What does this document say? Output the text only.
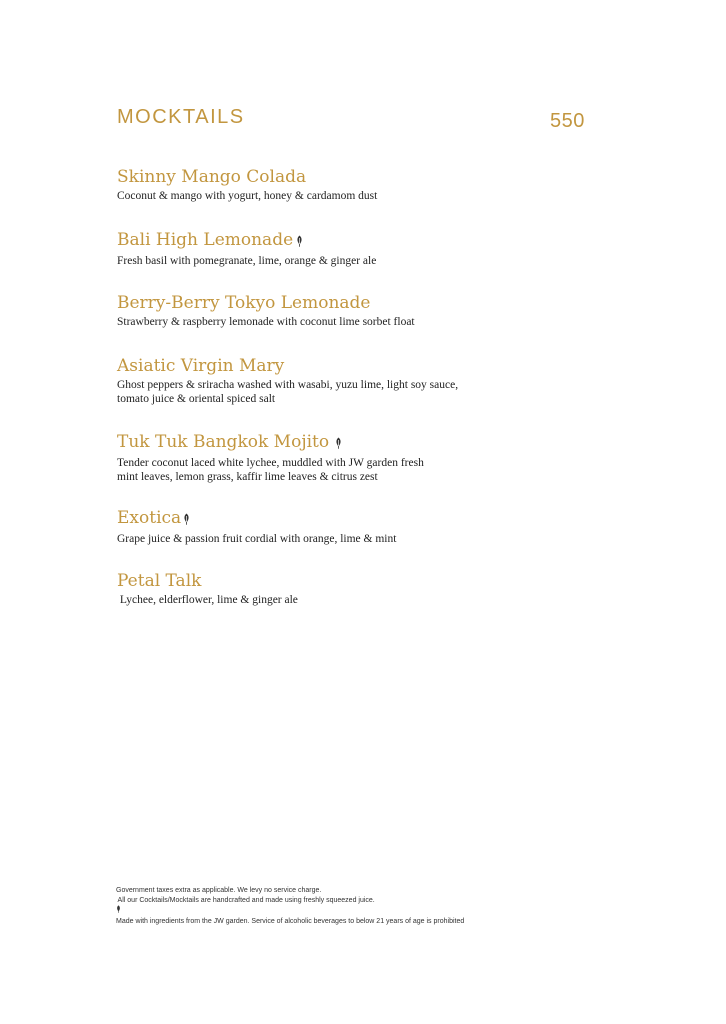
MOCKTAILS	550
Skinny Mango Colada
Coconut & mango with yogurt, honey & cardamom dust
Bali High Lemonade
Fresh basil with pomegranate, lime, orange & ginger ale
Berry-Berry Tokyo Lemonade
Strawberry & raspberry lemonade with coconut lime sorbet float
Asiatic Virgin Mary
Ghost peppers & sriracha washed with wasabi, yuzu lime, light soy sauce,
tomato juice & oriental spiced salt
Tuk Tuk Bangkok Mojito
Tender coconut laced white lychee, muddled with JW garden fresh
mint leaves, lemon grass, kaffir lime leaves & citrus zest
Exotica
Grape juice & passion fruit cordial with orange, lime & mint
Petal Talk
Lychee, elderflower, lime & ginger ale
Government taxes extra as applicable. We levy no service charge.
All our Cocktails/Mocktails are handcrafted and made using freshly squeezed juice.
Made with ingredients from the JW garden. Service of alcoholic beverages to below 21 years of age is prohibited
